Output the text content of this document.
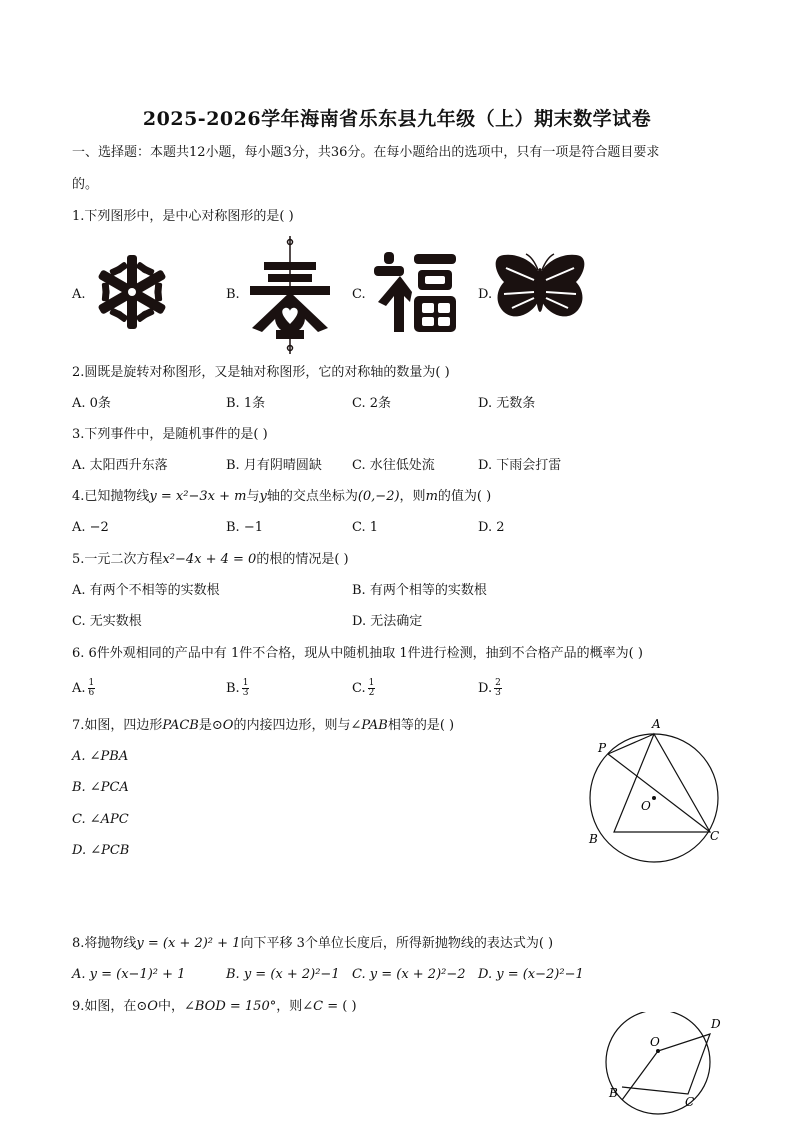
2025-2026学年海南省乐东县九年级（上）期末数学试卷
一、选择题：本题共12小题，每小题3分，共36分。在每小题给出的选项中，只有一项是符合题目要求
的。
1.下列图形中，是中心对称图形的是( )
A.	B.	C.	D.
2.圆既是旋转对称图形，又是轴对称图形，它的对称轴的数量为( )
A. 0条	B. 1条	C. 2条	D. 无数条
3.下列事件中，是随机事件的是( )
A. 太阳西升东落	B. 月有阴晴圆缺 C. 水往低处流	D. 下雨会打雷
4.已知抛物线y = x²−3x + m与y轴的交点坐标为(0,−2)，则m的值为( )
A. −2	B. −1	C. 1	D. 2
5.一元二次方程x²−4x + 4 = 0的根的情况是( )
A. 有两个不相等的实数根	B. 有两个相等的实数根
C. 无实数根	D. 无法确定
6. 6件外观相同的产品中有 1件不合格，现从中随机抽取 1件进行检测，抽到不合格产品的概率为( )
A. $\frac{1}{6}$	B. $\frac{1}{3}$	C. $\frac{1}{2}$	D. $\frac{2}{3}$
7.如图，四边形PACB是⊙O的内接四边形，则与∠PAB相等的是( )
A. ∠PBA
B. ∠PCA
C. ∠APC
D. ∠PCB
A
P
O
B	C
8.将抛物线y = (x + 2)² + 1向下平移 3个单位长度后，所得新抛物线的表达式为( )
A. y = (x−1)² + 1	B. y = (x + 2)²−1 C. y = (x + 2)²−2 D. y = (x−2)²−1
9.如图，在⊙O中，∠BOD = 150°，则∠C = ( )
O
D
B
C
